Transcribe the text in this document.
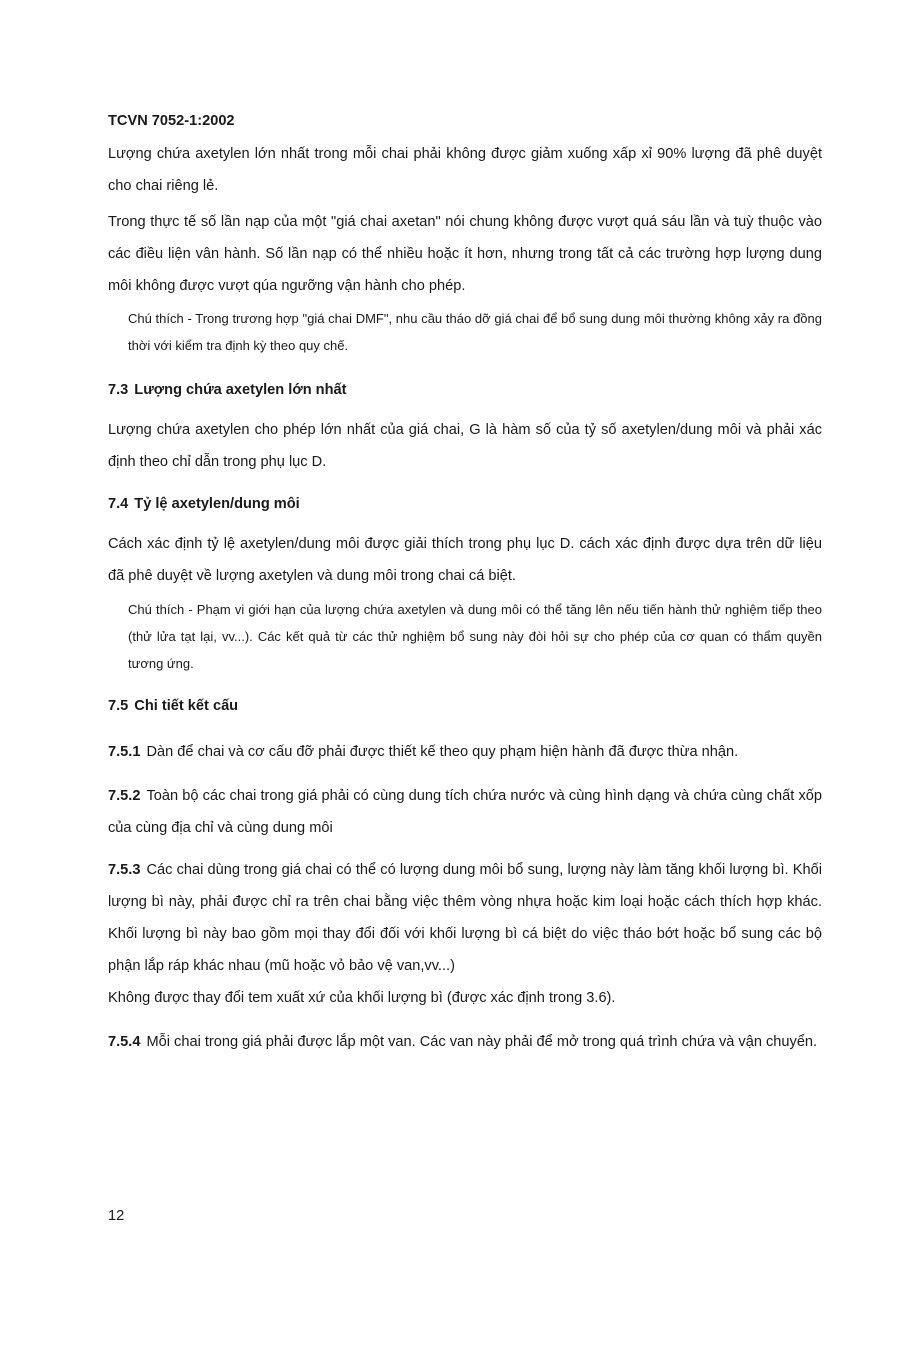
TCVN 7052-1:2002

Lượng chứa axetylen lớn nhất trong mỗi chai phải không được giảm xuống xấp xỉ 90% lượng đã phê duyệt cho chai riêng lẻ.

Trong thực tế số lần nạp của một "giá chai axetan" nói chung không được vượt quá sáu lần và tuỳ thuộc vào các điều liện vân hành. Số lần nạp có thể nhiều hoặc ít hơn, nhưng trong tất cả các trường hợp lượng dung môi không được vượt qúa ngưỡng vận hành cho phép.

Chú thích - Trong trương hợp "giá chai DMF", nhu cầu tháo dỡ giá chai để bổ sung dung môi thường không xảy ra đồng thời với kiểm tra định kỳ theo quy chế.

7.3 Lượng chứa axetylen lớn nhất

Lượng chứa axetylen cho phép lớn nhất của giá chai, G là hàm số của tỷ số axetylen/dung môi và phải xác định theo chỉ dẫn trong phụ lục D.

7.4 Tỷ lệ axetylen/dung môi

Cách xác định tỷ lệ axetylen/dung môi được giải thích trong phụ lục D. cách xác định được dựa trên dữ liệu đã phê duyệt về lượng axetylen và dung môi trong chai cá biệt.

Chú thích - Phạm vi giới hạn của lượng chứa axetylen và dung môi có thể tăng lên nếu tiến hành thử nghiệm tiếp theo (thử lửa tạt lại, vv...). Các kết quả từ các thử nghiệm bổ sung này đòi hỏi sự cho phép của cơ quan có thẩm quyền tương ứng.

7.5 Chi tiết kết cấu

7.5.1 Dàn để chai và cơ cấu đỡ phải được thiết kế theo quy phạm hiện hành đã được thừa nhận.

7.5.2 Toàn bộ các chai trong giá phải có cùng dung tích chứa nước và cùng hình dạng và chứa cùng chất xốp của cùng địa chỉ và cùng dung môi

7.5.3 Các chai dùng trong giá chai có thể có lượng dung môi bổ sung, lượng này làm tăng khối lượng bì. Khối lượng bì này, phải được chỉ ra trên chai bằng việc thêm vòng nhựa hoặc kim loại hoặc cách thích hợp khác. Khối lượng bì này bao gồm mọi thay đổi đối với khối lượng bì cá biệt do việc tháo bớt hoặc bổ sung các bộ phận lắp ráp khác nhau (mũ hoặc vỏ bảo vệ van,vv...)

Không được thay đổi tem xuất xứ của khối lượng bì (được xác định trong 3.6).

7.5.4 Mỗi chai trong giá phải được lắp một van. Các van này phải để mở trong quá trình chứa và vận chuyển.

12
